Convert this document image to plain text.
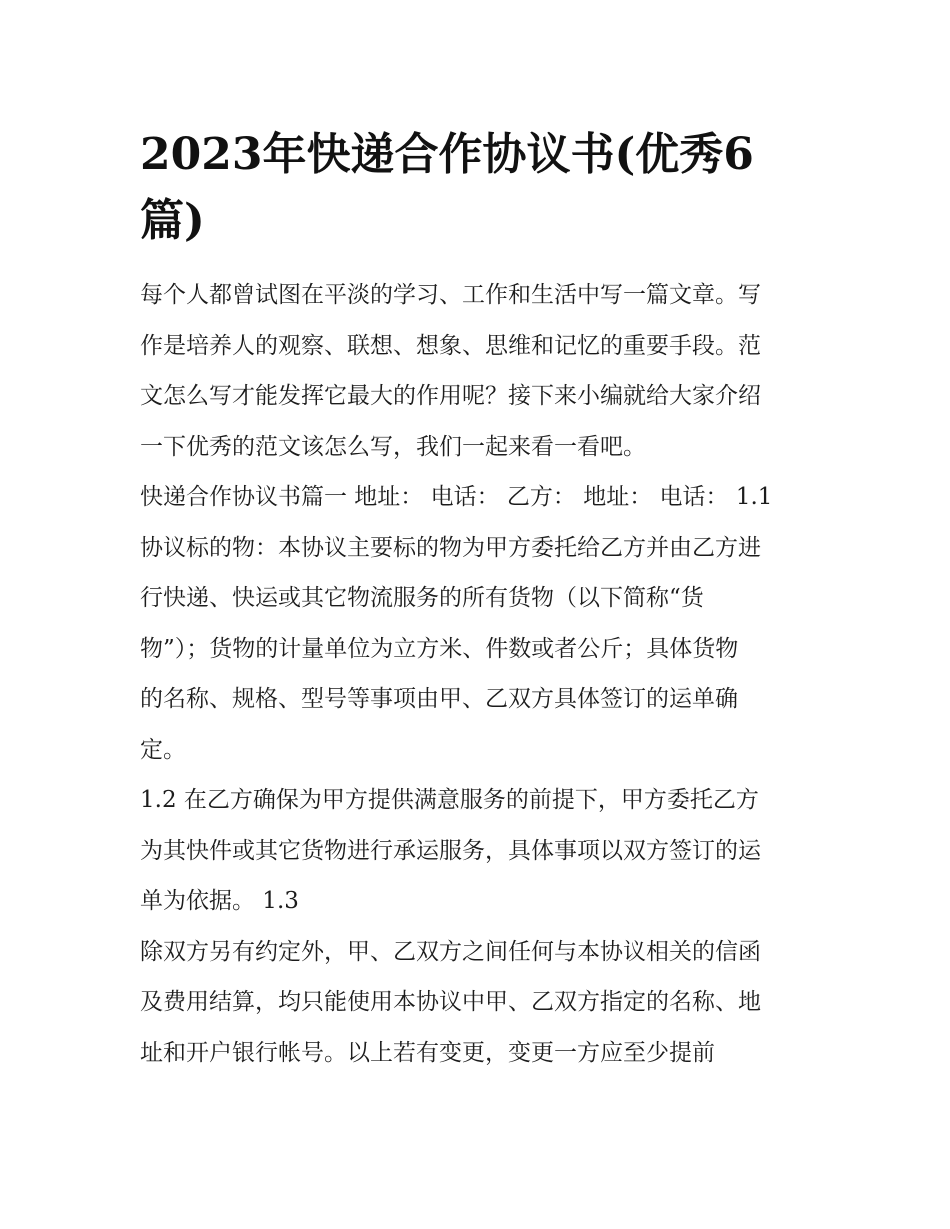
2023年快递合作协议书(优秀6
篇)
每个人都曾试图在平淡的学习、工作和生活中写一篇文章。写
作是培养人的观察、联想、想象、思维和记忆的重要手段。范
文怎么写才能发挥它最大的作用呢？接下来小编就给大家介绍
一下优秀的范文该怎么写，我们一起来看一看吧。
快递合作协议书篇一 地址： 电话： 乙方： 地址： 电话： 1.1
协议标的物：本协议主要标的物为甲方委托给乙方并由乙方进
行快递、快运或其它物流服务的所有货物（以下简称“货
物”）；货物的计量单位为立方米、件数或者公斤；具体货物
的名称、规格、型号等事项由甲、乙双方具体签订的运单确
定。
1.2 在乙方确保为甲方提供满意服务的前提下，甲方委托乙方
为其快件或其它货物进行承运服务，具体事项以双方签订的运
单为依据。 1.3
除双方另有约定外，甲、乙双方之间任何与本协议相关的信函
及费用结算，均只能使用本协议中甲、乙双方指定的名称、地
址和开户银行帐号。以上若有变更，变更一方应至少提前
